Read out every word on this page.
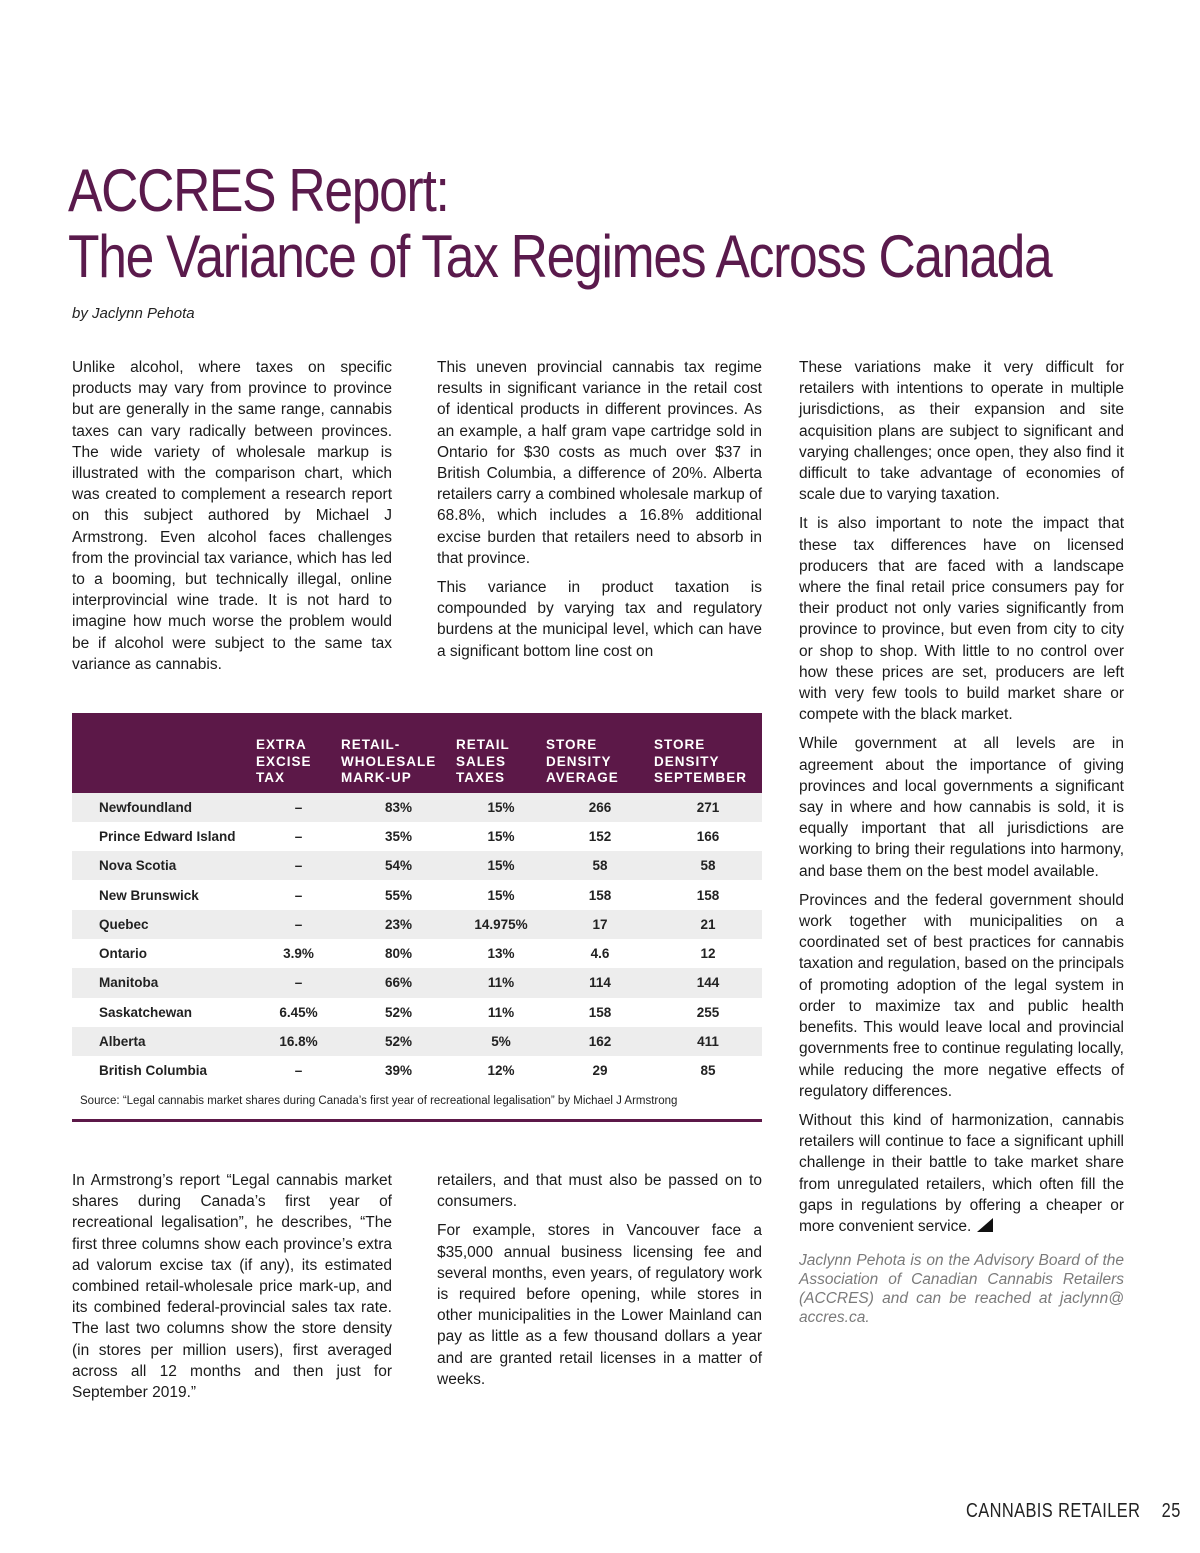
ACCRES Report:
The Variance of Tax Regimes Across Canada

by Jaclynn Pehota

Unlike alcohol, where taxes on specific products may vary from province to province but are generally in the same range, cannabis taxes can vary radically between provinces. The wide variety of wholesale markup is illustrated with the comparison chart, which was created to complement a research report on this subject authored by Michael J Armstrong. Even alcohol faces challenges from the provincial tax variance, which has led to a booming, but technically illegal, online interprovincial wine trade. It is not hard to imagine how much worse the problem would be if alcohol were subject to the same tax variance as cannabis.

This uneven provincial cannabis tax regime results in significant variance in the retail cost of identical products in different provinces. As an example, a half gram vape cartridge sold in Ontario for $30 costs as much over $37 in British Columbia, a difference of 20%. Alberta retailers carry a combined wholesale markup of 68.8%, which includes a 16.8% additional excise burden that retailers need to absorb in that province.

This variance in product taxation is compounded by varying tax and regulatory burdens at the municipal level, which can have a significant bottom line cost on

These variations make it very difficult for retailers with intentions to operate in multiple jurisdictions, as their expansion and site acquisition plans are subject to significant and varying challenges; once open, they also find it difficult to take advantage of economies of scale due to varying taxation.

It is also important to note the impact that these tax differences have on licensed producers that are faced with a landscape where the final retail price consumers pay for their product not only varies significantly from province to province, but even from city to city or shop to shop. With little to no control over how these prices are set, producers are left with very few tools to build market share or compete with the black market.

While government at all levels are in agreement about the importance of giving provinces and local governments a significant say in where and how cannabis is sold, it is equally important that all jurisdictions are working to bring their regulations into harmony, and base them on the best model available.

Provinces and the federal government should work together with municipalities on a coordinated set of best practices for cannabis taxation and regulation, based on the principals of promoting adoption of the legal system in order to maximize tax and public health benefits. This would leave local and provincial governments free to continue regulating locally, while reducing the more negative effects of regulatory differences.

Without this kind of harmonization, cannabis retailers will continue to face a significant uphill challenge in their battle to take market share from unregulated retailers, which often fill the gaps in regulations by offering a cheaper or more convenient service.

Jaclynn Pehota is on the Advisory Board of the Association of Canadian Cannabis Retailers (ACCRES) and can be reached at jaclynn@ accres.ca.

	EXTRA
EXCISE
TAX	RETAIL-
WHOLESALE
MARK-UP	RETAIL
SALES
TAXES	STORE
DENSITY
AVERAGE	STORE
DENSITY
SEPTEMBER
Newfoundland	–	83%	15%	266	271
Prince Edward Island	–	35%	15%	152	166
Nova Scotia	–	54%	15%	58	58
New Brunswick	–	55%	15%	158	158
Quebec	–	23%	14.975%	17	21
Ontario	3.9%	80%	13%	4.6	12
Manitoba	–	66%	11%	114	144
Saskatchewan	6.45%	52%	11%	158	255
Alberta	16.8%	52%	5%	162	411
British Columbia	–	39%	12%	29	85
Source: “Legal cannabis market shares during Canada’s first year of recreational legalisation” by Michael J Armstrong

In Armstrong’s report “Legal cannabis market shares during Canada’s first year of recreational legalisation”, he describes, “The first three columns show each province’s extra ad valorum excise tax (if any), its estimated combined retail-wholesale price mark-up, and its combined federal-provincial sales tax rate. The last two columns show the store density (in stores per million users), first averaged across all 12 months and then just for September 2019.”

retailers, and that must also be passed on to consumers.

For example, stores in Vancouver face a $35,000 annual business licensing fee and several months, even years, of regulatory work is required before opening, while stores in other municipalities in the Lower Mainland can pay as little as a few thousand dollars a year and are granted retail licenses in a matter of weeks.

CANNABIS RETAILER 25
